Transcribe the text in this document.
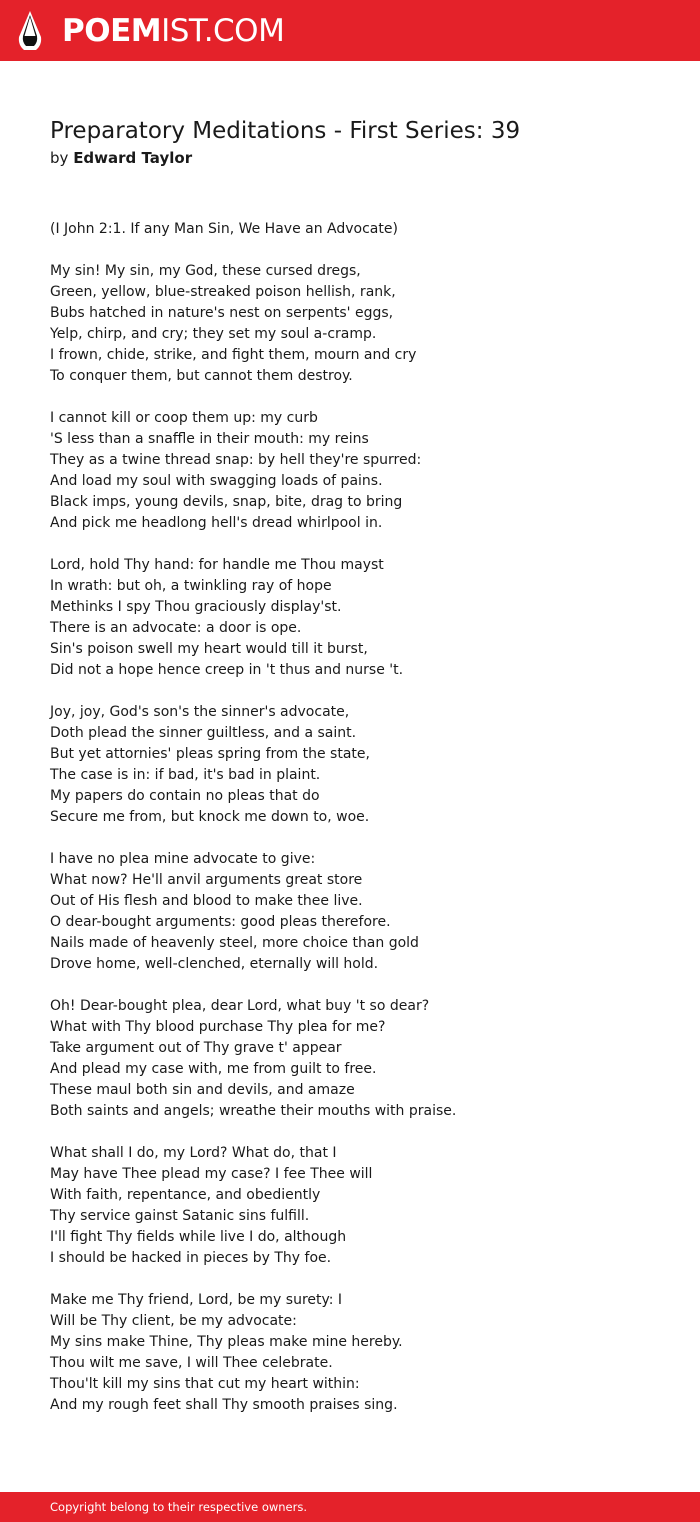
POEMIST.COM
Preparatory Meditations - First Series: 39
by Edward Taylor
(I John 2:1. If any Man Sin, We Have an Advocate)

My sin! My sin, my God, these cursed dregs,
Green, yellow, blue-streaked poison hellish, rank,
Bubs hatched in nature's nest on serpents' eggs,
Yelp, chirp, and cry; they set my soul a-cramp.
I frown, chide, strike, and fight them, mourn and cry
To conquer them, but cannot them destroy.

I cannot kill or coop them up: my curb
'S less than a snaffle in their mouth: my reins
They as a twine thread snap: by hell they're spurred:
And load my soul with swagging loads of pains.
Black imps, young devils, snap, bite, drag to bring
And pick me headlong hell's dread whirlpool in.

Lord, hold Thy hand: for handle me Thou mayst
In wrath: but oh, a twinkling ray of hope
Methinks I spy Thou graciously display'st.
There is an advocate: a door is ope.
Sin's poison swell my heart would till it burst,
Did not a hope hence creep in 't thus and nurse 't.

Joy, joy, God's son's the sinner's advocate,
Doth plead the sinner guiltless, and a saint.
But yet attornies' pleas spring from the state,
The case is in: if bad, it's bad in plaint.
My papers do contain no pleas that do
Secure me from, but knock me down to, woe.

I have no plea mine advocate to give:
What now? He'll anvil arguments great store
Out of His flesh and blood to make thee live.
O dear-bought arguments: good pleas therefore.
Nails made of heavenly steel, more choice than gold
Drove home, well-clenched, eternally will hold.

Oh! Dear-bought plea, dear Lord, what buy 't so dear?
What with Thy blood purchase Thy plea for me?
Take argument out of Thy grave t' appear
And plead my case with, me from guilt to free.
These maul both sin and devils, and amaze
Both saints and angels; wreathe their mouths with praise.

What shall I do, my Lord? What do, that I
May have Thee plead my case? I fee Thee will
With faith, repentance, and obediently
Thy service gainst Satanic sins fulfill.
I'll fight Thy fields while live I do, although
I should be hacked in pieces by Thy foe.

Make me Thy friend, Lord, be my surety: I
Will be Thy client, be my advocate:
My sins make Thine, Thy pleas make mine hereby.
Thou wilt me save, I will Thee celebrate.
Thou'lt kill my sins that cut my heart within:
And my rough feet shall Thy smooth praises sing.
Copyright belong to their respective owners.
